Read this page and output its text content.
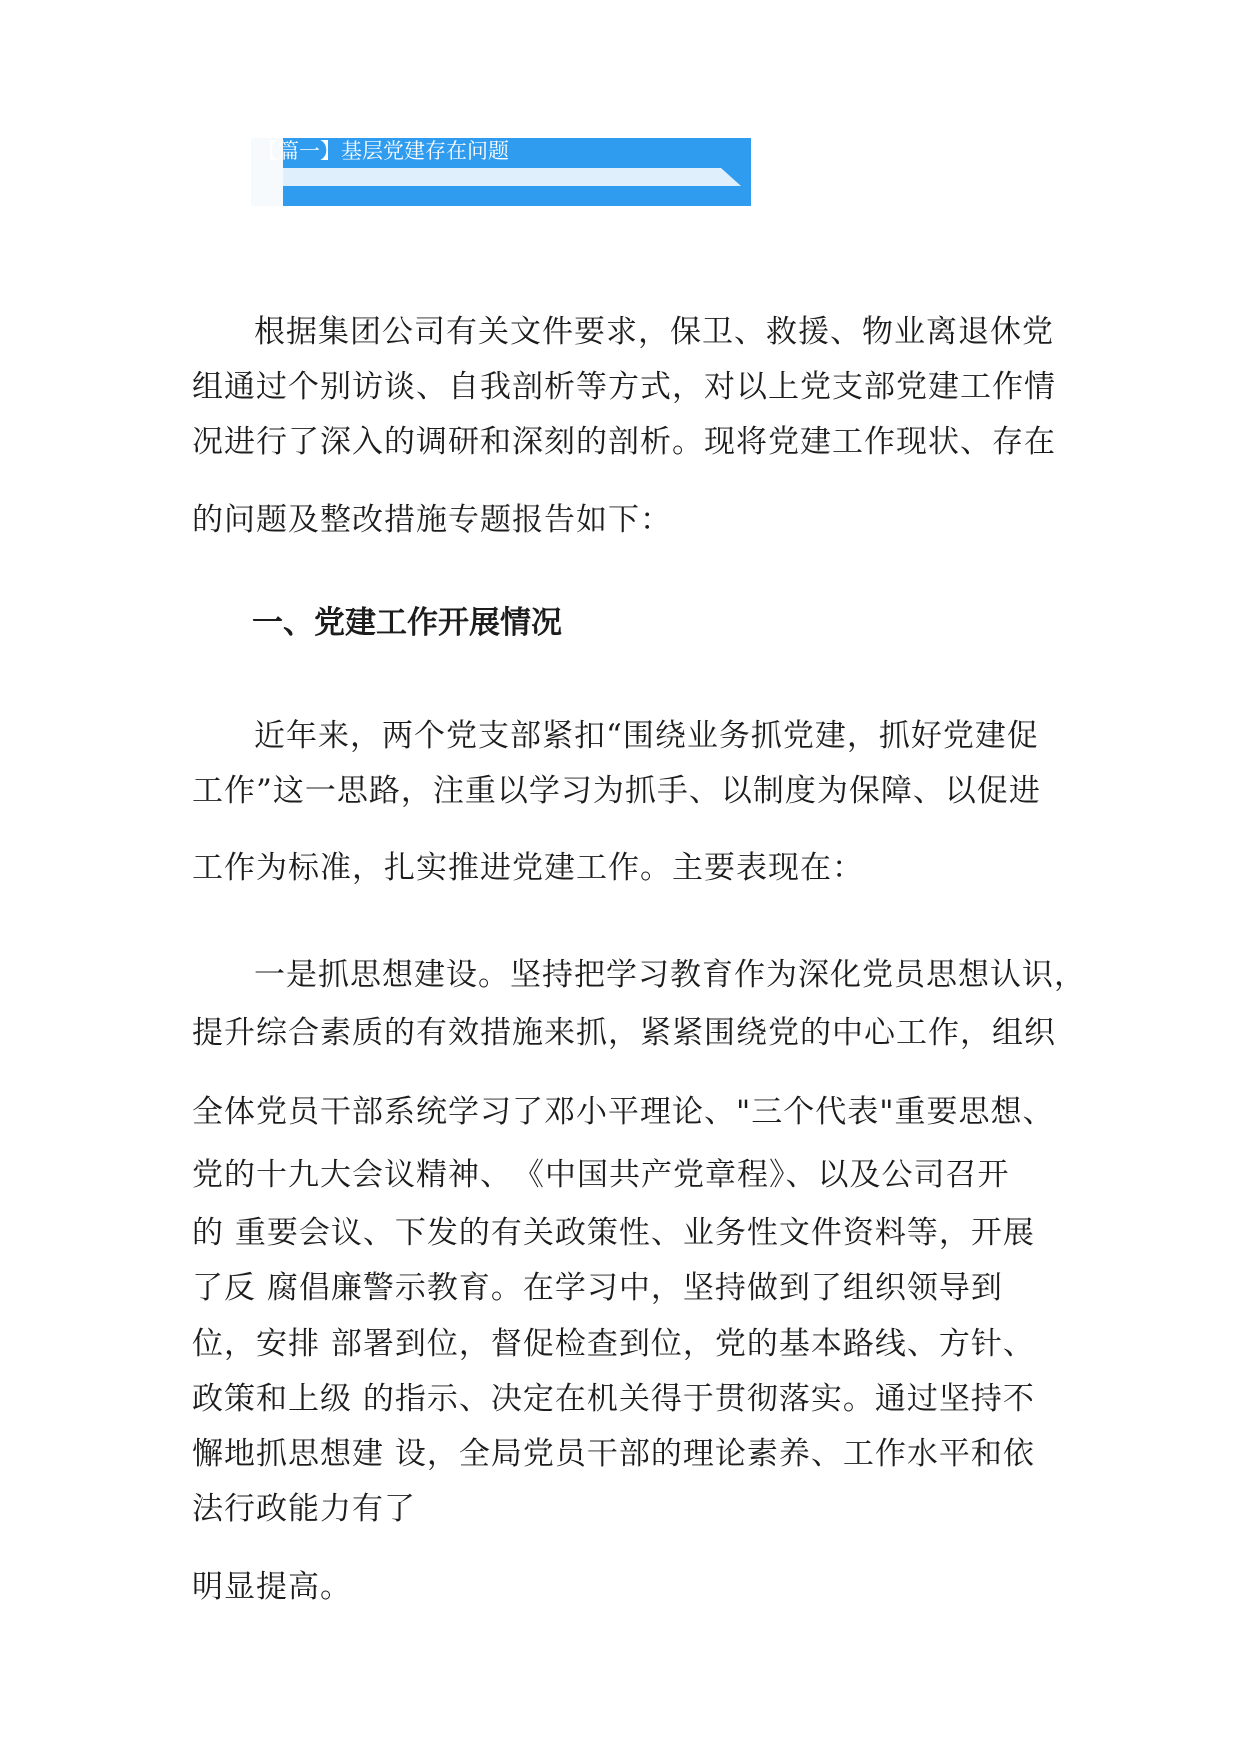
【篇一】基层党建存在问题
根据集团公司有关文件要求，保卫、救援、物业离退休党
组通过个别访谈、自我剖析等方式，对以上党支部党建工作情
况进行了深入的调研和深刻的剖析。现将党建工作现状、存在
的问题及整改措施专题报告如下：
一、党建工作开展情况
近年来，两个党支部紧扣“围绕业务抓党建，抓好党建促
工作”这一思路，注重以学习为抓手、以制度为保障、以促进
工作为标准，扎实推进党建工作。主要表现在：
一是抓思想建设。坚持把学习教育作为深化党员思想认识，
提升综合素质的有效措施来抓，紧紧围绕党的中心工作，组织
全体党员干部系统学习了邓小平理论、"三个代表"重要思想、
党的十九大会议精神、　《中国共产党章程》、以及公司召开
的 重要会议、下发的有关政策性、业务性文件资料等，开展
了反 腐倡廉警示教育。在学习中，坚持做到了组织领导到
位，安排 部署到位，督促检查到位，党的基本路线、方针、
政策和上级 的指示、决定在机关得于贯彻落实。通过坚持不
懈地抓思想建 设，全局党员干部的理论素养、工作水平和依
法行政能力有了
明显提高。
